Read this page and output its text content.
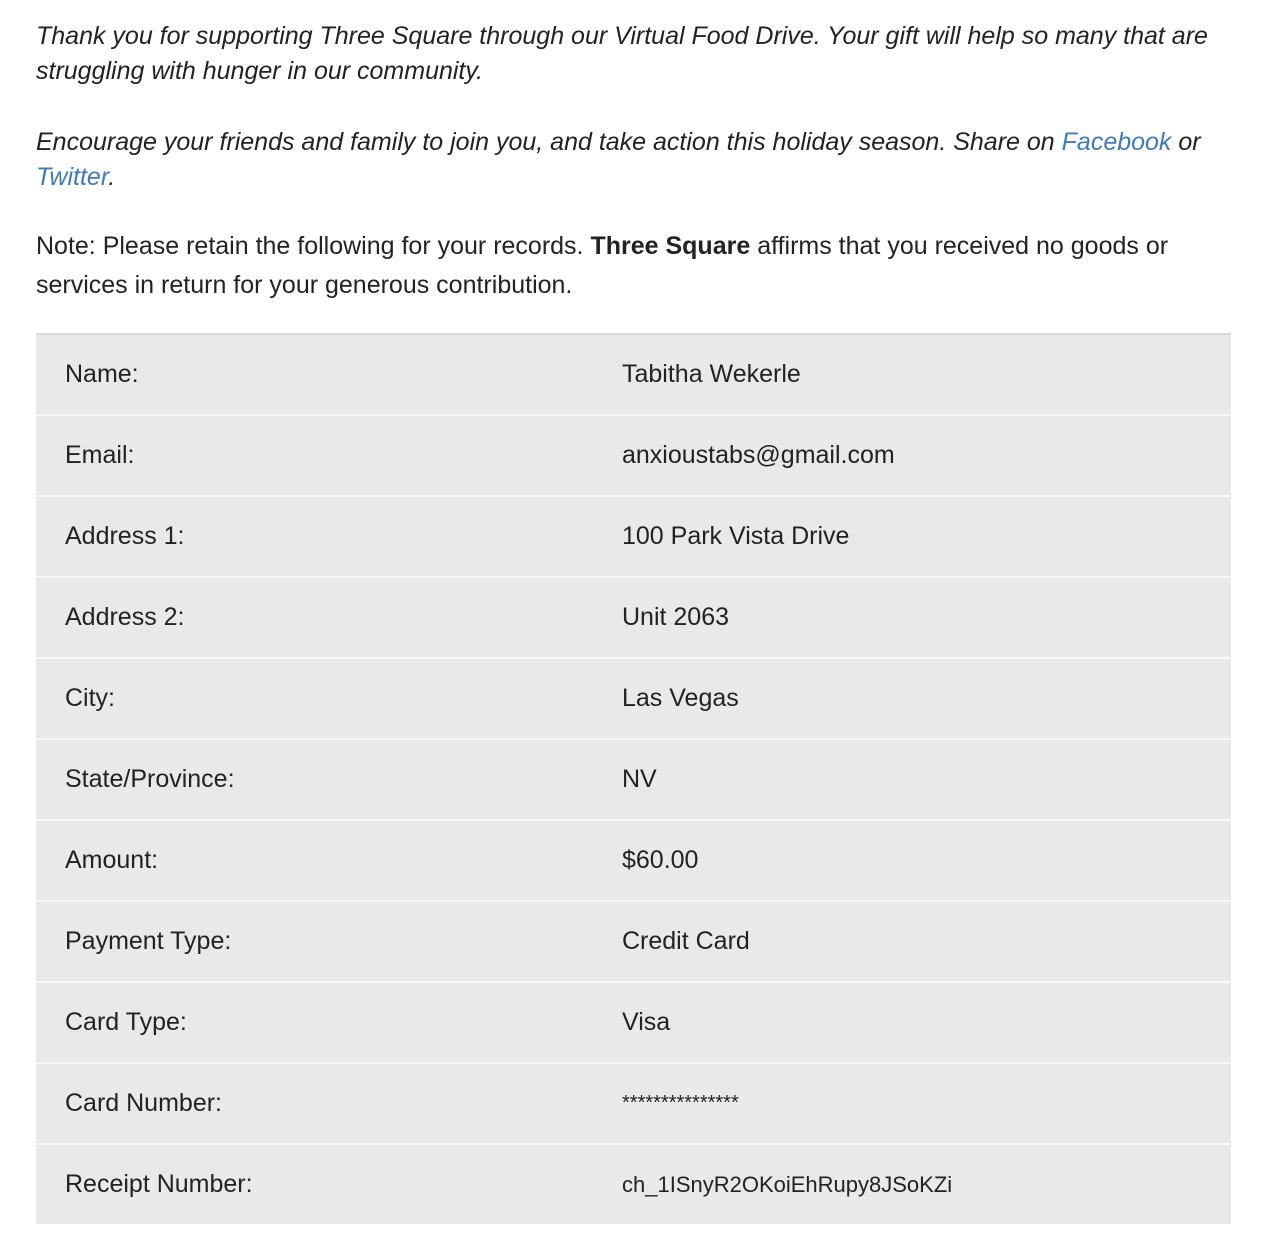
Thank you for supporting Three Square through our Virtual Food Drive. Your gift will help so many that are struggling with hunger in our community.

Encourage your friends and family to join you, and take action this holiday season. Share on Facebook or Twitter.

Note: Please retain the following for your records. Three Square affirms that you received no goods or services in return for your generous contribution.

Name:	Tabitha Wekerle
Email:	anxioustabs@gmail.com
Address 1:	100 Park Vista Drive
Address 2:	Unit 2063
City:	Las Vegas
State/Province:	NV
Amount:	$60.00
Payment Type:	Credit Card
Card Type:	Visa
Card Number:	***************
Receipt Number:	ch_1ISnyR2OKoiEhRupy8JSoKZi
